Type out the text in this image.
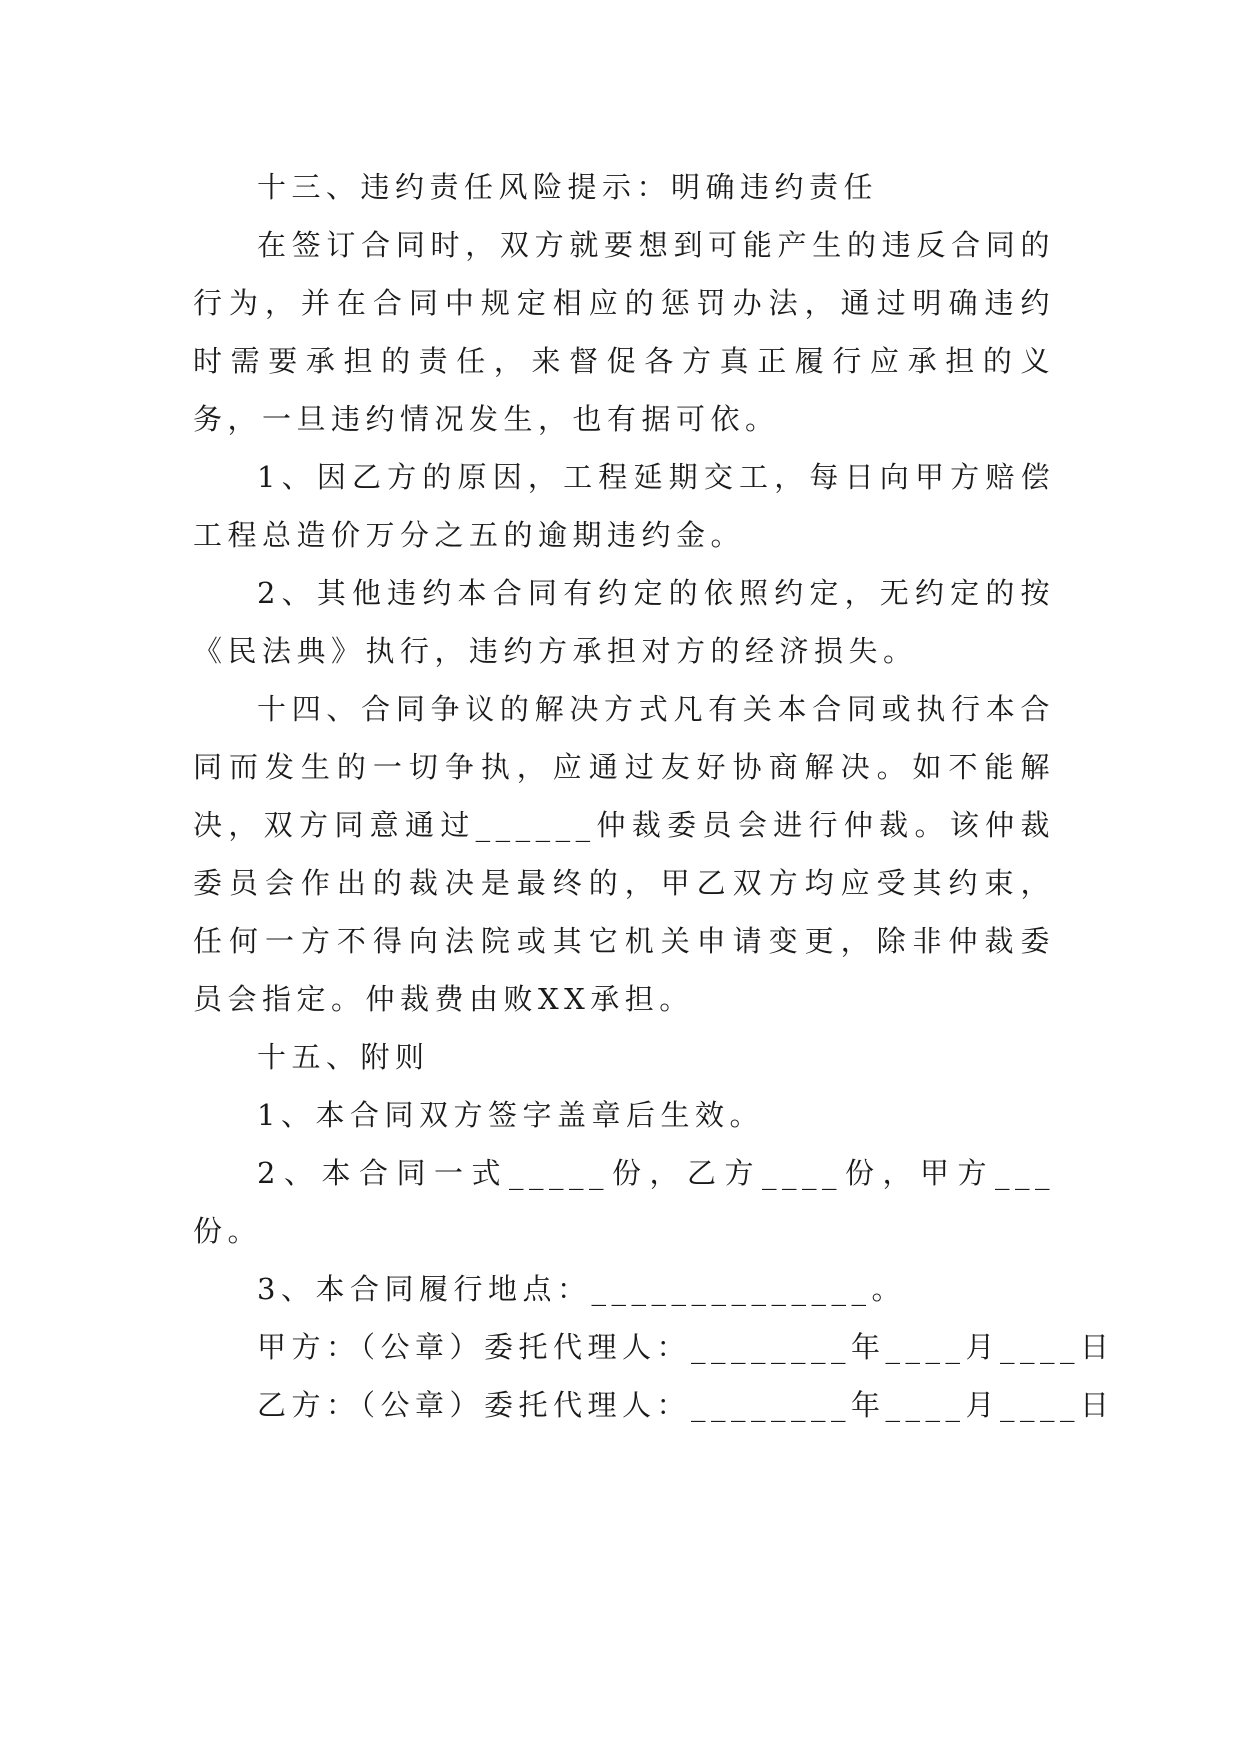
十三、违约责任风险提示：明确违约责任

在签订合同时，双方就要想到可能产生的违反合同的行为，并在合同中规定相应的惩罚办法，通过明确违约时需要承担的责任，来督促各方真正履行应承担的义务，一旦违约情况发生，也有据可依。

1、因乙方的原因，工程延期交工，每日向甲方赔偿工程总造价万分之五的逾期违约金。

2、其他违约本合同有约定的依照约定，无约定的按《民法典》执行，违约方承担对方的经济损失。

十四、合同争议的解决方式凡有关本合同或执行本合同而发生的一切争执，应通过友好协商解决。如不能解决，双方同意通过______仲裁委员会进行仲裁。该仲裁委员会作出的裁决是最终的，甲乙双方均应受其约束，任何一方不得向法院或其它机关申请变更，除非仲裁委员会指定。仲裁费由败XX承担。

十五、附则

1、本合同双方签字盖章后生效。

2、本合同一式_____份，乙方____份，甲方___份。

3、本合同履行地点：______________。

甲方：（公章）委托代理人：________年____月____日

乙方：（公章）委托代理人：________年____月____日
